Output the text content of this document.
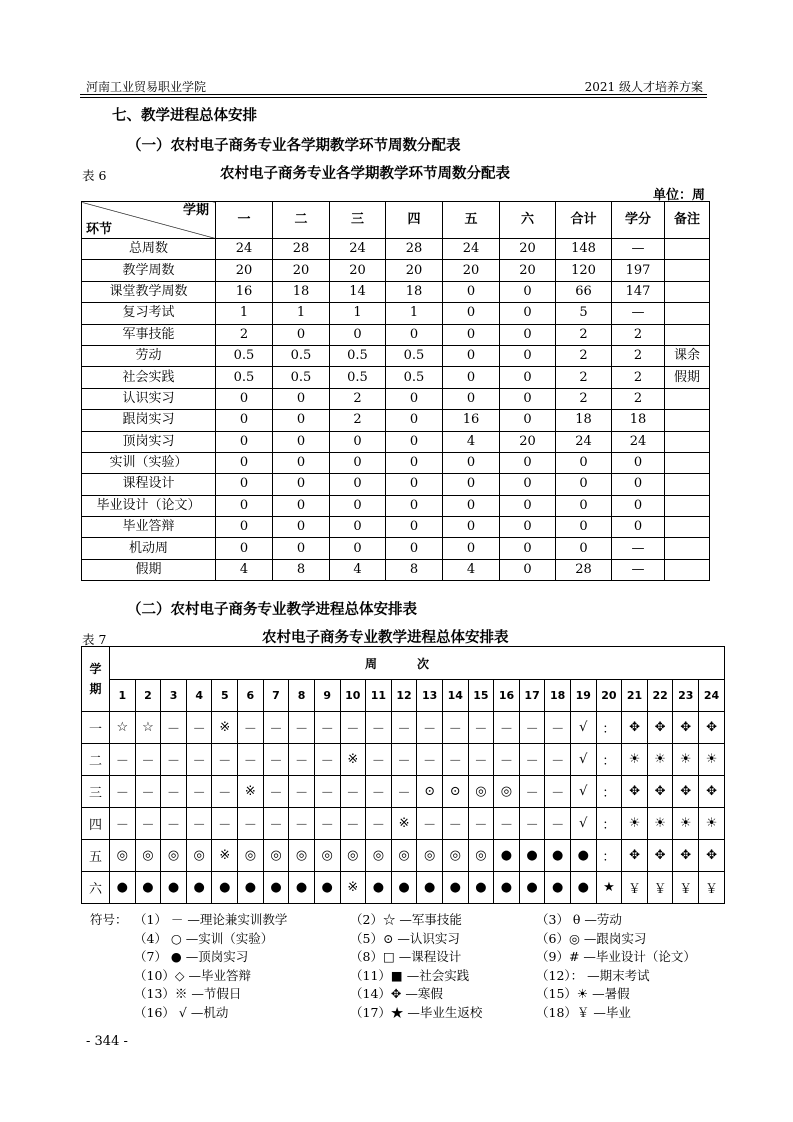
河南工业贸易职业学院	2021 级人才培养方案
七、教学进程总体安排
（一）农村电子商务专业各学期教学环节周数分配表
表 6	农村电子商务专业各学期教学环节周数分配表
单位：周
学期
环节	一	二	三	四	五	六	合计	学分	备注
总周数	24	28	24	28	24	20	148	—	
教学周数	20	20	20	20	20	20	120	197	
课堂教学周数	16	18	14	18	0	0	66	147	
复习考试	1	1	1	1	0	0	5	—	
军事技能	2	0	0	0	0	0	2	2	
劳动	0.5	0.5	0.5	0.5	0	0	2	2	课余
社会实践	0.5	0.5	0.5	0.5	0	0	2	2	假期
认识实习	0	0	2	0	0	0	2	2	
跟岗实习	0	0	2	0	16	0	18	18	
顶岗实习	0	0	0	0	4	20	24	24	
实训（实验）	0	0	0	0	0	0	0	0	
课程设计	0	0	0	0	0	0	0	0	
毕业设计（论文）	0	0	0	0	0	0	0	0	
毕业答辩	0	0	0	0	0	0	0	0	
机动周	0	0	0	0	0	0	0	—	
假期	4	8	4	8	4	0	28	—	
（二）农村电子商务专业教学进程总体安排表
表 7	农村电子商务专业教学进程总体安排表
学期	周次																							
	1	2	3	4	5	6	7	8	9	10	11	12	13	14	15	16	17	18	19	20	21	22	23	24
一	☆	☆	－	－	※	－	－	－	－	－	－	－	－	－	－	－	－	－	√	：	✥	✥	✥	✥
二	－	－	－	－	－	－	－	－	－	※	－	－	－	－	－	－	－	－	√	：	☀	☀	☀	☀
三	－	－	－	－	－	※	－	－	－	－	－	－	⊙	⊙	◎	◎	－	－	√	：	✥	✥	✥	✥
四	－	－	－	－	－	－	－	－	－	－	－	※	－	－	－	－	－	－	√	：	☀	☀	☀	☀
五	◎	◎	◎	◎	※	◎	◎	◎	◎	◎	◎	◎	◎	◎	◎	●	●	●	●	：	✥	✥	✥	✥
六	●	●	●	●	●	●	●	●	●	※	●	●	●	●	●	●	●	●	●	★	￥	￥	￥	￥
符号： （1） － —理论兼实训教学	（2）☆ —军事技能	（3） θ —劳动
（4） ○ —实训（实验）	（5）⊙ —认识实习	（6）◎ —跟岗实习
（7） ● —顶岗实习	（8）□ —课程设计	（9）# —毕业设计（论文）
（10）◇ —毕业答辩	（11）■ —社会实践	（12）： —期末考试
（13）※ —节假日	（14）✥ —寒假	（15）☀ —暑假
（16） √ —机动	（17）★ —毕业生返校	（18）￥ —毕业
- 344 -
